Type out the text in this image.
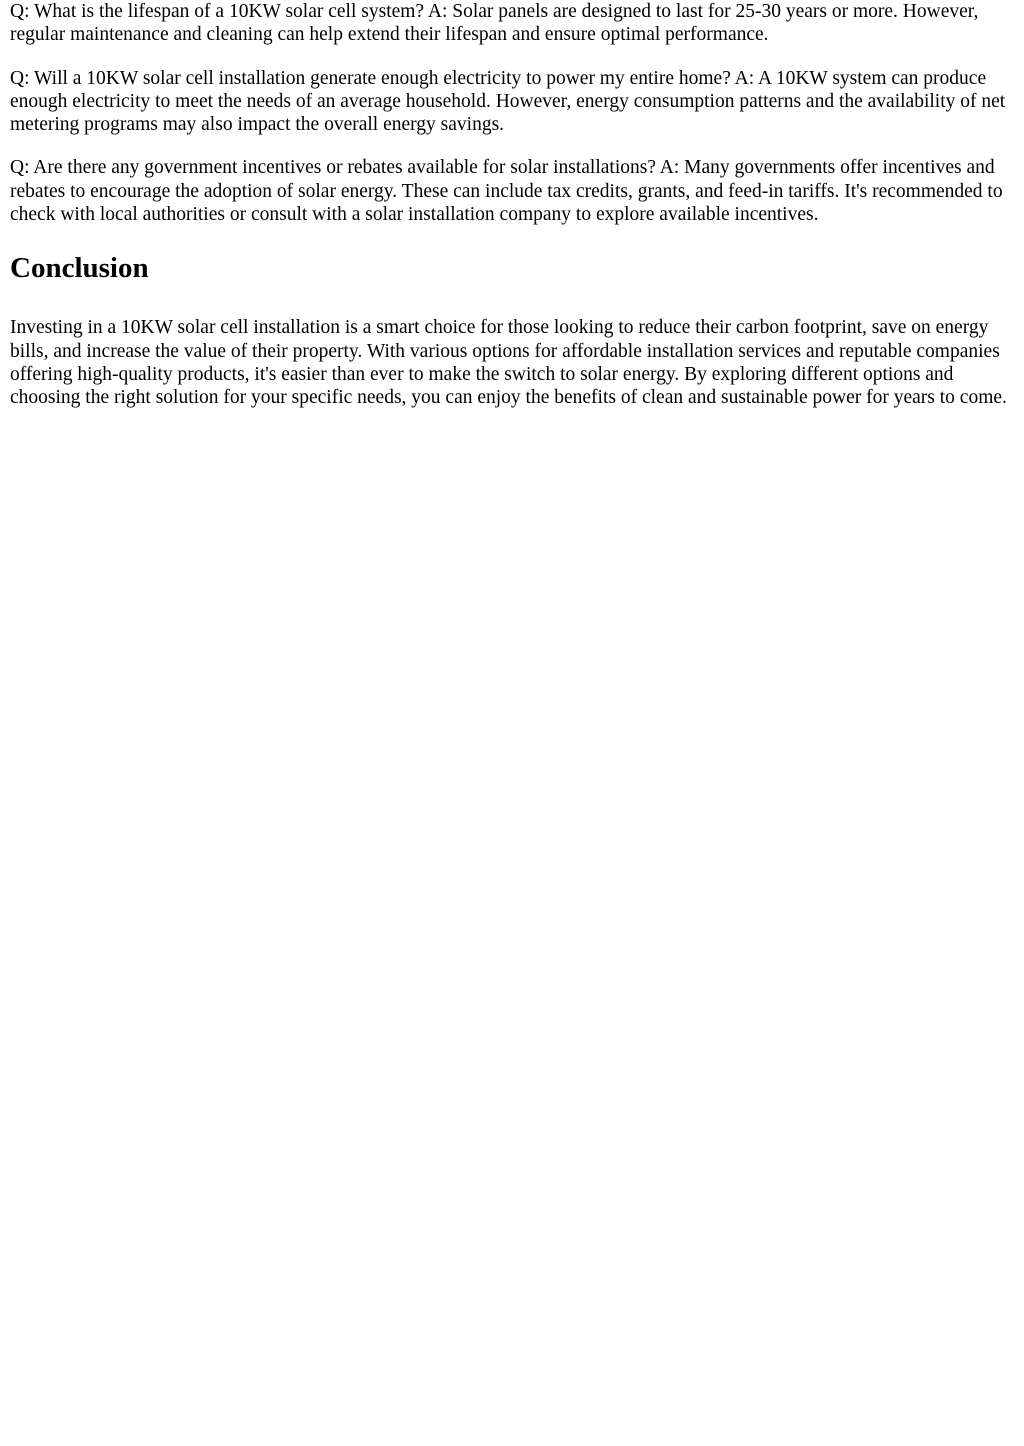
Q: What is the lifespan of a 10KW solar cell system? A: Solar panels are designed to last for 25-30 years or more. However, regular maintenance and cleaning can help extend their lifespan and ensure optimal performance.

Q: Will a 10KW solar cell installation generate enough electricity to power my entire home? A: A 10KW system can produce enough electricity to meet the needs of an average household. However, energy consumption patterns and the availability of net metering programs may also impact the overall energy savings.

Q: Are there any government incentives or rebates available for solar installations? A: Many governments offer incentives and rebates to encourage the adoption of solar energy. These can include tax credits, grants, and feed-in tariffs. It's recommended to check with local authorities or consult with a solar installation company to explore available incentives.

Conclusion

Investing in a 10KW solar cell installation is a smart choice for those looking to reduce their carbon footprint, save on energy bills, and increase the value of their property. With various options for affordable installation services and reputable companies offering high-quality products, it's easier than ever to make the switch to solar energy. By exploring different options and choosing the right solution for your specific needs, you can enjoy the benefits of clean and sustainable power for years to come.
